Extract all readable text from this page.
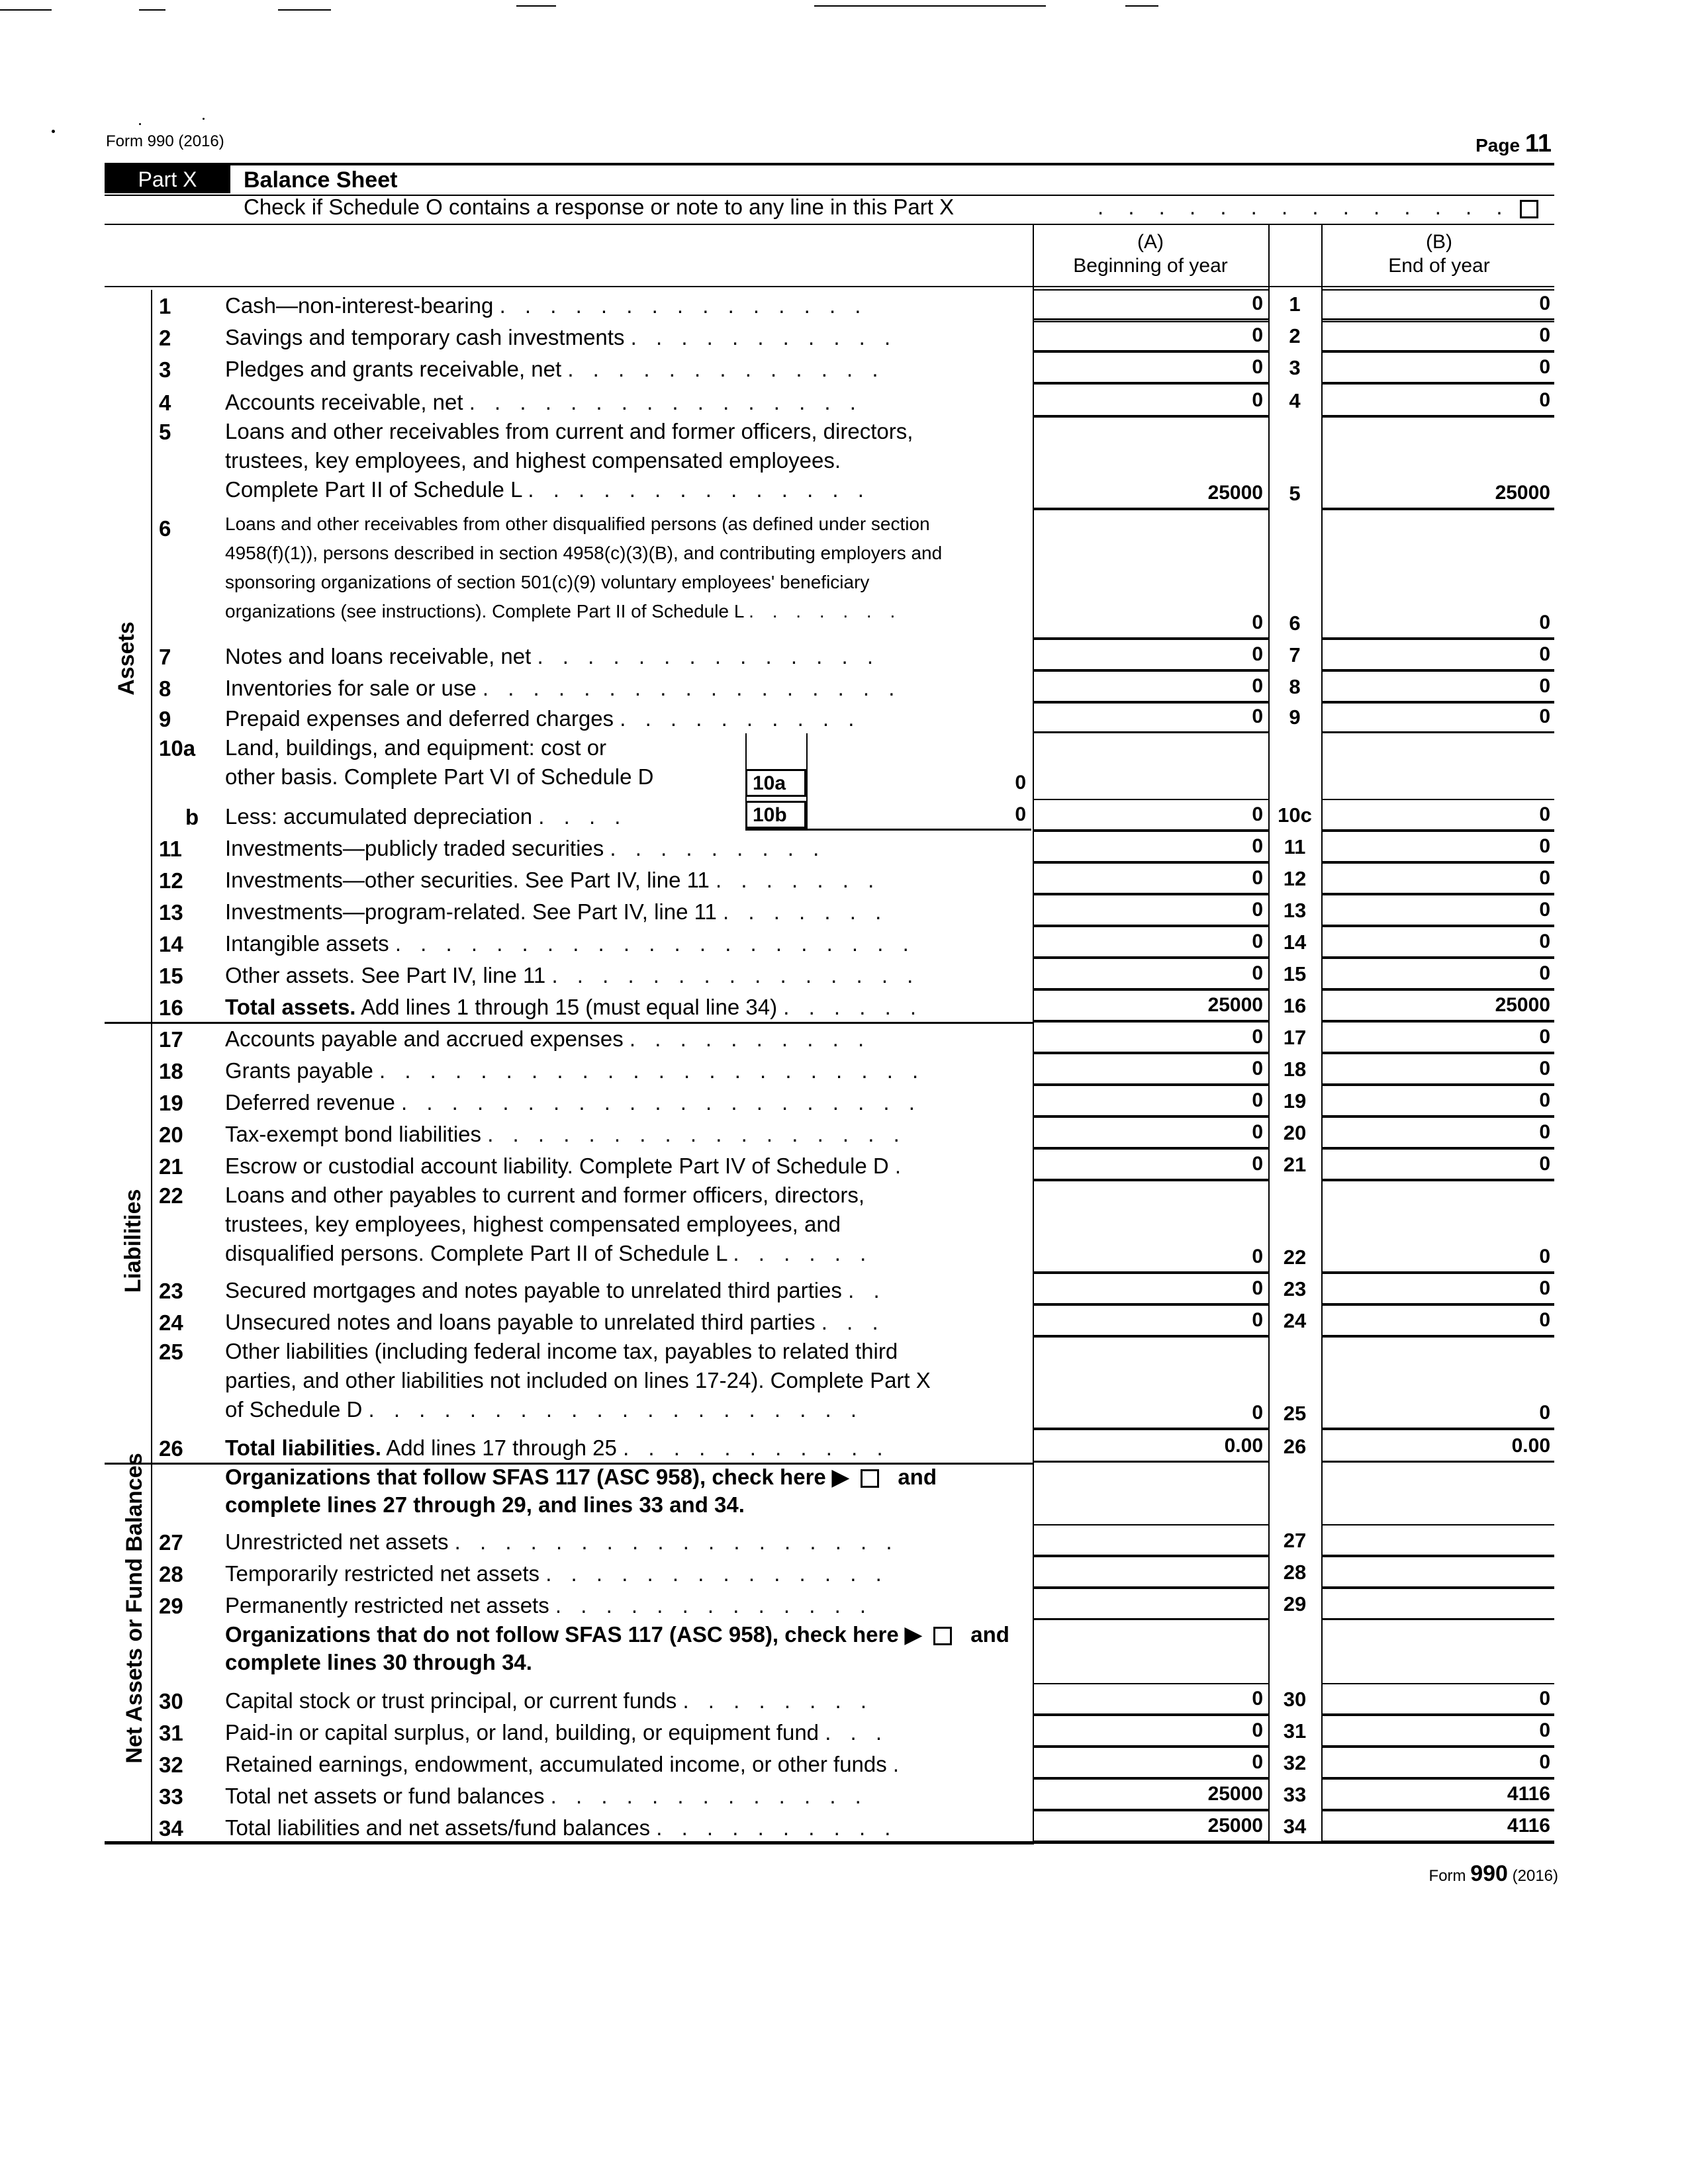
Form 990 (2016)	Page 11
Part X	Balance Sheet
Check if Schedule O contains a response or note to any line in this Part X	. . . . . . . . . . . . . .
(A)
Beginning of year
(B)
End of year
Assets
Liabilities
Net Assets or Fund Balances
1 Cash—non-interest-bearing . . . . . . . . . . . . . . .	0	1	0
2 Savings and temporary cash investments . . . . . . . . . . .	0	2	0
3 Pledges and grants receivable, net . . . . . . . . . . . . .	0	3	0
4 Accounts receivable, net . . . . . . . . . . . . . . . .	0	4	0
5 Loans and other receivables from current and former officers, directors,
trustees, key employees, and highest compensated employees.
Complete Part II of Schedule L . . . . . . . . . . . . . .	25000	5	25000
6	Loans and other receivables from other disqualified persons (as defined under section
4958(f)(1)), persons described in section 4958(c)(3)(B), and contributing employers and
sponsoring organizations of section 501(c)(9) voluntary employees' beneficiary
organizations (see instructions). Complete Part II of Schedule L . . . . . . .
0	6	0
7 Notes and loans receivable, net . . . . . . . . . . . . . .	0	7	0
8 Inventories for sale or use . . . . . . . . . . . . . . . . .	0	8	0
9 Prepaid expenses and deferred charges . . . . . . . . . .	0	9	0
10a Land, buildings, and equipment: cost or
other basis. Complete Part VI of Schedule D	10a	0
b Less: accumulated depreciation . . . .	10b	0	0 10c	0
11 Investments—publicly traded securities . . . . . . . . .	0	11	0
12 Investments—other securities. See Part IV, line 11 . . . . . . .	0 12	0
13 Investments—program-related. See Part IV, line 11 . . . . . . .	0 13	0
14 Intangible assets . . . . . . . . . . . . . . . . . . . . .	0 14	0
15 Other assets. See Part IV, line 11 . . . . . . . . . . . . . . .	0 15	0
16 Total assets. Add lines 1 through 15 (must equal line 34) . . . . . .	25000 16	25000
17 Accounts payable and accrued expenses . . . . . . . . . .	0 17	0
18 Grants payable . . . . . . . . . . . . . . . . . . . . . .	0 18	0
19 Deferred revenue . . . . . . . . . . . . . . . . . . . . .	0 19	0
20 Tax-exempt bond liabilities . . . . . . . . . . . . . . . . .	0 20	0
21 Escrow or custodial account liability. Complete Part IV of Schedule D .	0 21	0
22 Loans and other payables to current and former officers, directors,
trustees, key employees, highest compensated employees, and
disqualified persons. Complete Part II of Schedule L . . . . . .	0 22	0
23 Secured mortgages and notes payable to unrelated third parties . .	0 23	0
24 Unsecured notes and loans payable to unrelated third parties . . .	0 24	0
25 Other liabilities (including federal income tax, payables to related third
parties, and other liabilities not included on lines 17-24). Complete Part X
of Schedule D . . . . . . . . . . . . . . . . . . . .	0 25	0
26 Total liabilities. Add lines 17 through 25 . . . . . . . . . . .	0.00 26	0.00
Organizations that follow SFAS 117 (ASC 958), check here ▶ and
complete lines 27 through 29, and lines 33 and 34.
27 Unrestricted net assets . . . . . . . . . . . . . . . . . .	27
28 Temporarily restricted net assets . . . . . . . . . . . . . .	28
29 Permanently restricted net assets . . . . . . . . . . . . .	29
Organizations that do not follow SFAS 117 (ASC 958), check here ▶ and
complete lines 30 through 34.
30 Capital stock or trust principal, or current funds . . . . . . . .	0 30	0
31 Paid-in or capital surplus, or land, building, or equipment fund . . .	0 31	0
32 Retained earnings, endowment, accumulated income, or other funds .	0 32	0
33 Total net assets or fund balances . . . . . . . . . . . . .	25000 33	4116
34 Total liabilities and net assets/fund balances . . . . . . . . . .	25000 34	4116
Form 990 (2016)
